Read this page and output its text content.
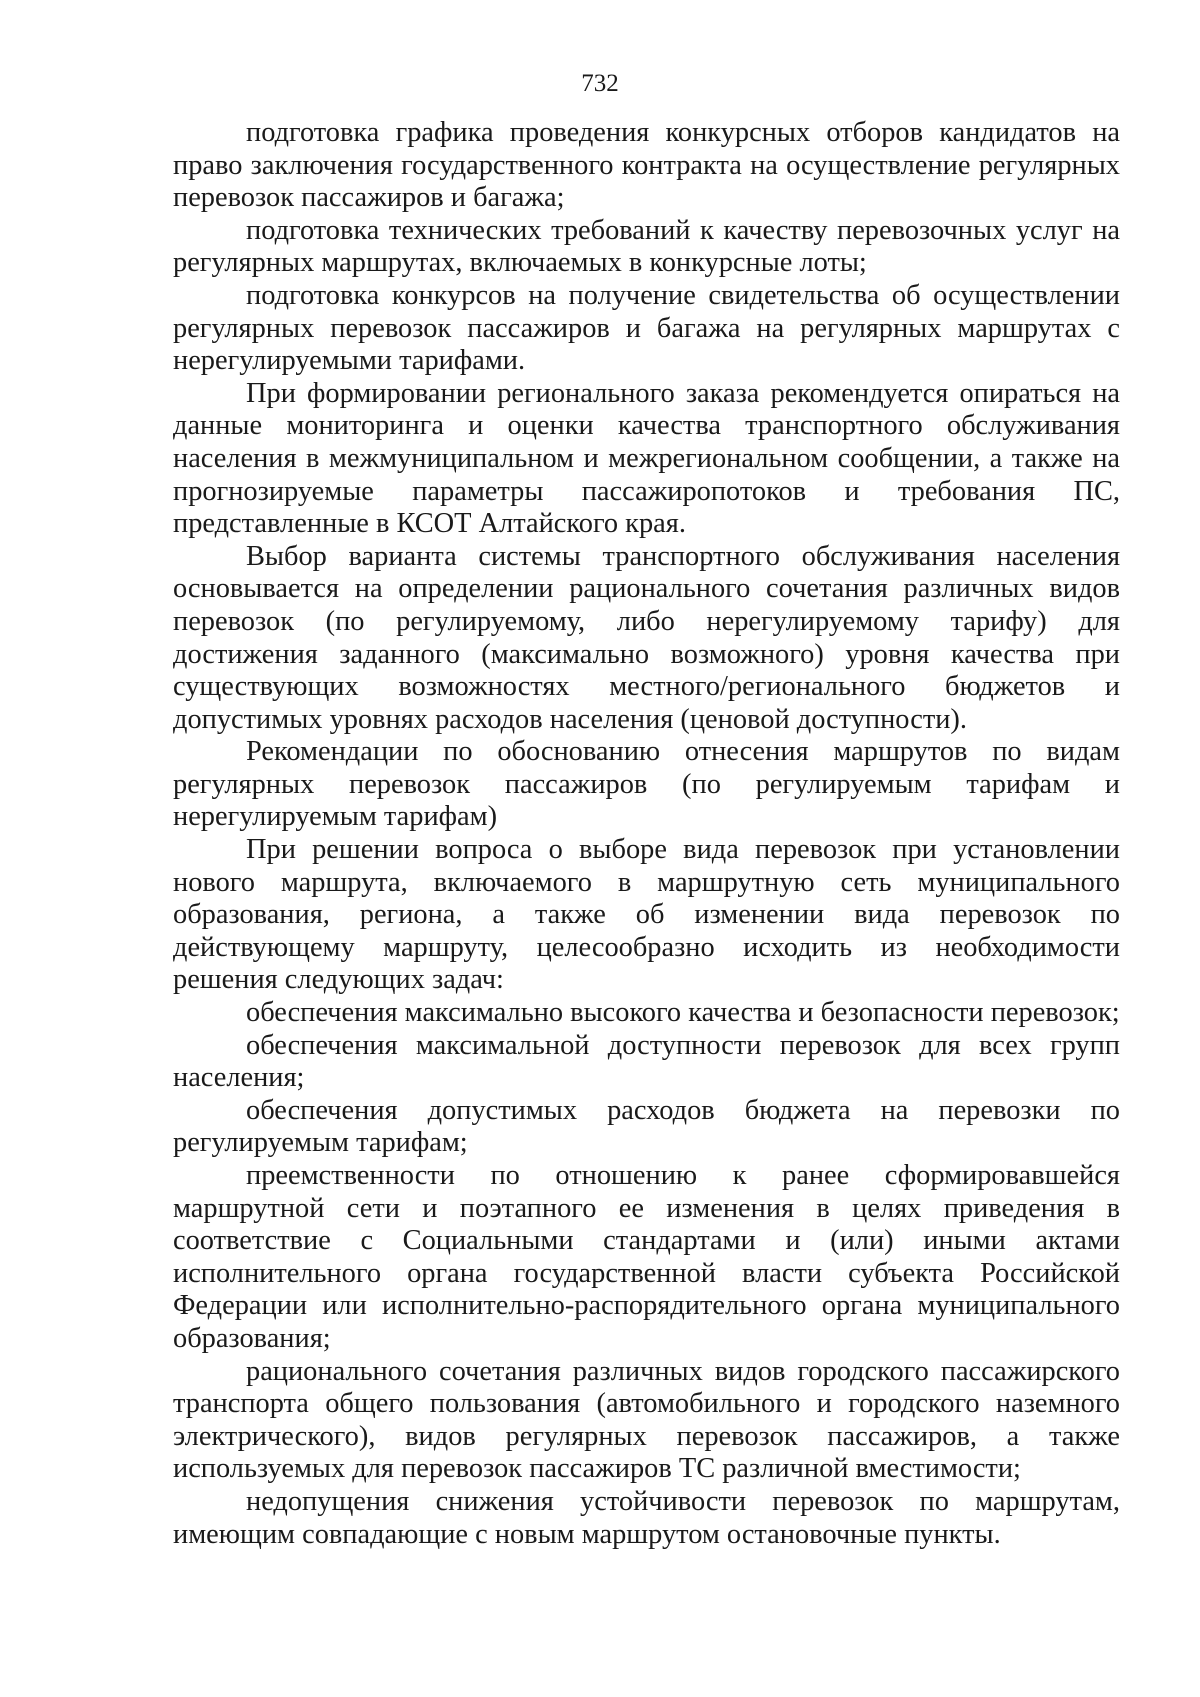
732

подготовка графика проведения конкурсных отборов кандидатов на право заключения государственного контракта на осуществление регулярных перевозок пассажиров и багажа;

подготовка технических требований к качеству перевозочных услуг на регулярных маршрутах, включаемых в конкурсные лоты;

подготовка конкурсов на получение свидетельства об осуществлении регулярных перевозок пассажиров и багажа на регулярных маршрутах с нерегулируемыми тарифами.

При формировании регионального заказа рекомендуется опираться на данные мониторинга и оценки качества транспортного обслуживания населения в межмуниципальном и межрегиональном сообщении, а также на прогнозируемые параметры пассажиропотоков и требования ПС, представленные в КСОТ Алтайского края.

Выбор варианта системы транспортного обслуживания населения основывается на определении рационального сочетания различных видов перевозок (по регулируемому, либо нерегулируемому тарифу) для достижения заданного (максимально возможного) уровня качества при существующих возможностях местного/регионального бюджетов и допустимых уровнях расходов населения (ценовой доступности).

Рекомендации по обоснованию отнесения маршрутов по видам регулярных перевозок пассажиров (по регулируемым тарифам и нерегулируемым тарифам)

При решении вопроса о выборе вида перевозок при установлении нового маршрута, включаемого в маршрутную сеть муниципального образования, региона, а также об изменении вида перевозок по действующему маршруту, целесообразно исходить из необходимости решения следующих задач:

обеспечения максимально высокого качества и безопасности перевозок;

обеспечения максимальной доступности перевозок для всех групп населения;

обеспечения допустимых расходов бюджета на перевозки по регулируемым тарифам;

преемственности по отношению к ранее сформировавшейся маршрутной сети и поэтапного ее изменения в целях приведения в соответствие с Социальными стандартами и (или) иными актами исполнительного органа государственной власти субъекта Российской Федерации или исполнительно-распорядительного органа муниципального образования;

рационального сочетания различных видов городского пассажирского транспорта общего пользования (автомобильного и городского наземного электрического), видов регулярных перевозок пассажиров, а также используемых для перевозок пассажиров ТС различной вместимости;

недопущения снижения устойчивости перевозок по маршрутам, имеющим совпадающие с новым маршрутом остановочные пункты.
